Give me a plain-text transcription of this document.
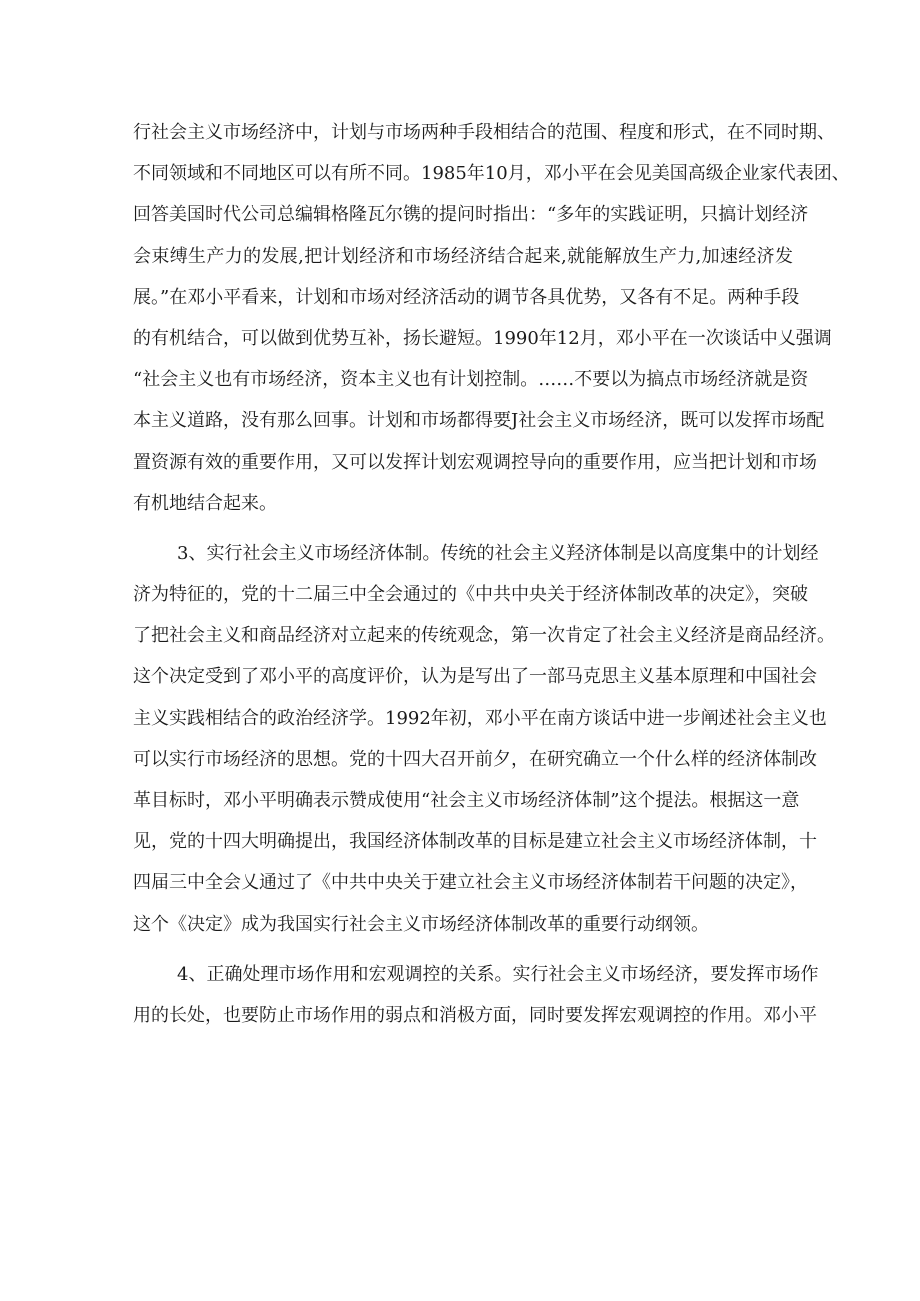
行社会主义市场经济中，计划与市场两种手段相结合的范围、程度和形式，在不同时期、
不同领域和不同地区可以有所不同。1985年10月，邓小平在会见美国高级企业家代表团、
回答美国时代公司总编辑格隆瓦尔镌的提问时指出：“多年的实践证明，只搞计划经济
会束缚生产力的发展,把计划经济和市场经济结合起来,就能解放生产力,加速经济发
展。”在邓小平看来，计划和市场对经济活动的调节各具优势，又各有不足。两种手段
的有机结合，可以做到优势互补，扬长避短。1990年12月，邓小平在一次谈话中乂强调
“社会主义也有市场经济，资本主义也有计划控制。……不要以为搞点市场经济就是资
本主义道路，没有那么回事。计划和市场都得要J社会主义市场经济，既可以发挥市场配
置资源有效的重要作用，又可以发挥计划宏观调控导向的重要作用，应当把计划和市场
有机地结合起来。
3、实行社会主义市场经济体制。传统的社会主义羟济体制是以高度集中的计划经
济为特征的，党的十二届三中全会通过的《中共中央关于经济体制改革的决定》，突破
了把社会主义和商品经济对立起来的传统观念，第一次肯定了社会主义经济是商品经济。
这个决定受到了邓小平的高度评价，认为是写出了一部马克思主义基本原理和中国社会
主义实践相结合的政治经济学。1992年初，邓小平在南方谈话中进一步阐述社会主义也
可以实行市场经济的思想。党的十四大召开前夕，在研究确立一个什么样的经济体制改
革目标时，邓小平明确表示赞成使用“社会主义市场经济体制”这个提法。根据这一意
见，党的十四大明确提出，我国经济体制改革的目标是建立社会主义市场经济体制，十
四届三中全会乂通过了《中共中央关于建立社会主义市场经济体制若干问题的决定》，
这个《决定》成为我国实行社会主义市场经济体制改革的重要行动纲领。
4、正确处理市场作用和宏观调控的关系。实行社会主义市场经济，要发挥市场作
用的长处，也要防止市场作用的弱点和消极方面，同时要发挥宏观调控的作用。邓小平
